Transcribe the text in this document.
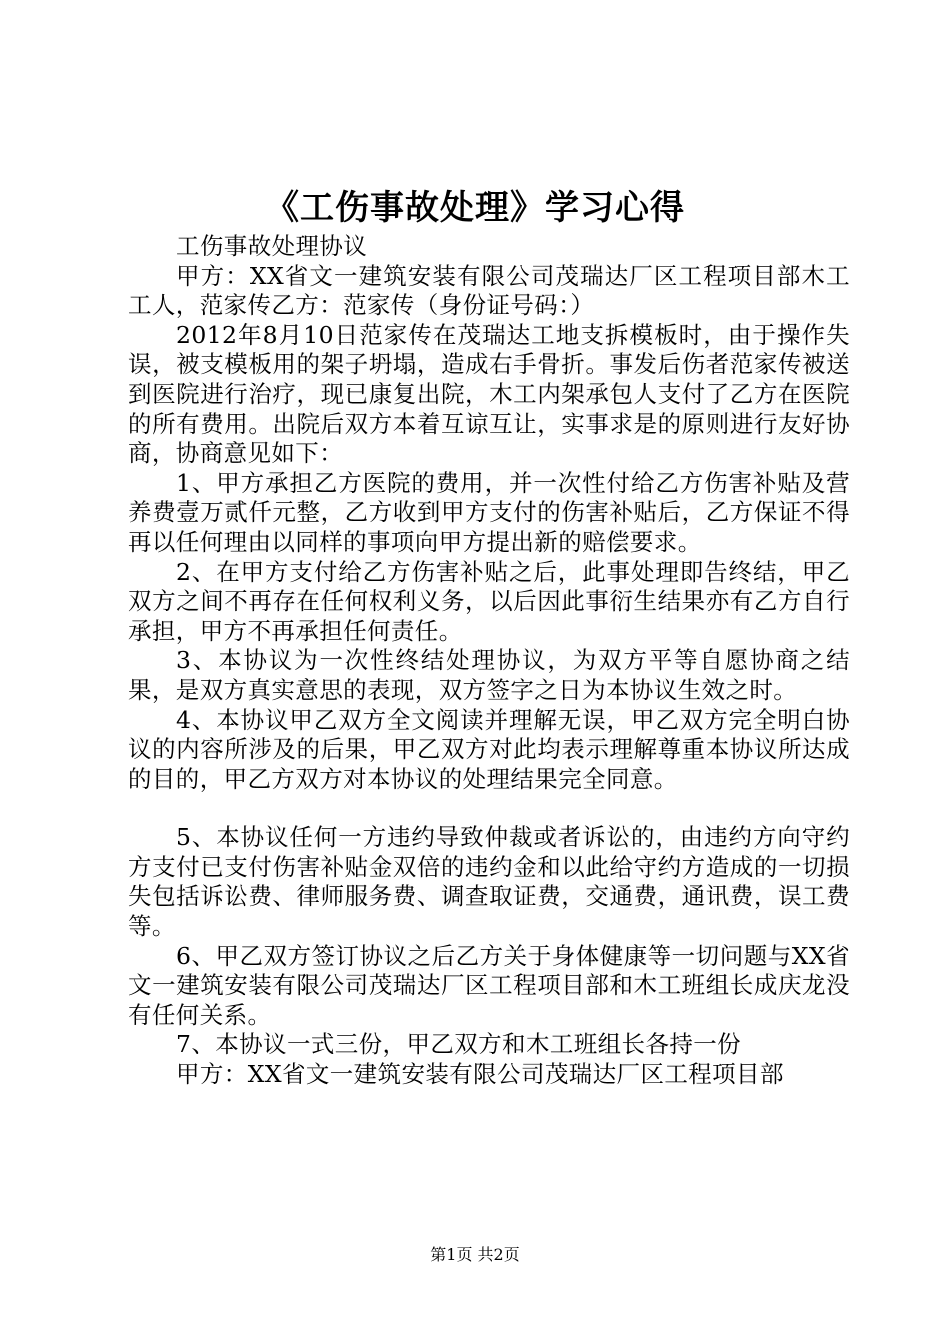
《工伤事故处理》学习心得

工伤事故处理协议

甲方：XX省文一建筑安装有限公司茂瑞达厂区工程项目部木工工人，范家传乙方：范家传（身份证号码：）

2012年8月10日范家传在茂瑞达工地支拆模板时，由于操作失误，被支模板用的架子坍塌，造成右手骨折。事发后伤者范家传被送到医院进行治疗，现已康复出院，木工内架承包人支付了乙方在医院的所有费用。出院后双方本着互谅互让，实事求是的原则进行友好协商，协商意见如下：

1、甲方承担乙方医院的费用，并一次性付给乙方伤害补贴及营养费壹万贰仟元整，乙方收到甲方支付的伤害补贴后，乙方保证不得再以任何理由以同样的事项向甲方提出新的赔偿要求。

2、在甲方支付给乙方伤害补贴之后，此事处理即告终结，甲乙双方之间不再存在任何权利义务，以后因此事衍生结果亦有乙方自行承担，甲方不再承担任何责任。

3、本协议为一次性终结处理协议，为双方平等自愿协商之结果，是双方真实意思的表现，双方签字之日为本协议生效之时。

4、本协议甲乙双方全文阅读并理解无误，甲乙双方完全明白协议的内容所涉及的后果，甲乙双方对此均表示理解尊重本协议所达成的目的，甲乙方双方对本协议的处理结果完全同意。

5、本协议任何一方违约导致仲裁或者诉讼的，由违约方向守约方支付已支付伤害补贴金双倍的违约金和以此给守约方造成的一切损失包括诉讼费、律师服务费、调查取证费，交通费，通讯费，误工费等。

6、甲乙双方签订协议之后乙方关于身体健康等一切问题与XX省文一建筑安装有限公司茂瑞达厂区工程项目部和木工班组长成庆龙没有任何关系。

7、本协议一式三份，甲乙双方和木工班组长各持一份

甲方：XX省文一建筑安装有限公司茂瑞达厂区工程项目部

第1页 共2页
